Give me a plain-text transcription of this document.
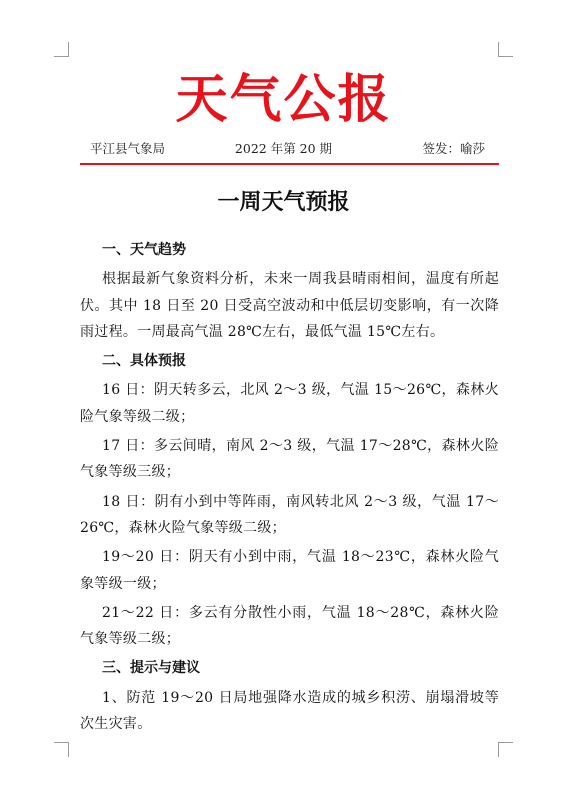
天气公报
平江县气象局	2022 年第 20 期	签发：喻莎
一周天气预报
一、天气趋势

根据最新气象资料分析，未来一周我县晴雨相间，温度有所起伏。其中 18 日至 20 日受高空波动和中低层切变影响，有一次降雨过程。一周最高气温 28℃左右，最低气温 15℃左右。

二、具体预报

16 日：阴天转多云，北风 2～3 级，气温 15～26℃，森林火险气象等级二级；

17 日：多云间晴，南风 2～3 级，气温 17～28℃，森林火险气象等级三级；

18 日：阴有小到中等阵雨，南风转北风 2～3 级，气温 17～26℃，森林火险气象等级二级；

19～20 日：阴天有小到中雨，气温 18～23℃，森林火险气象等级一级；

21～22 日：多云有分散性小雨，气温 18～28℃，森林火险气象等级二级；

三、提示与建议

1、防范 19～20 日局地强降水造成的城乡积涝、崩塌滑坡等次生灾害。
